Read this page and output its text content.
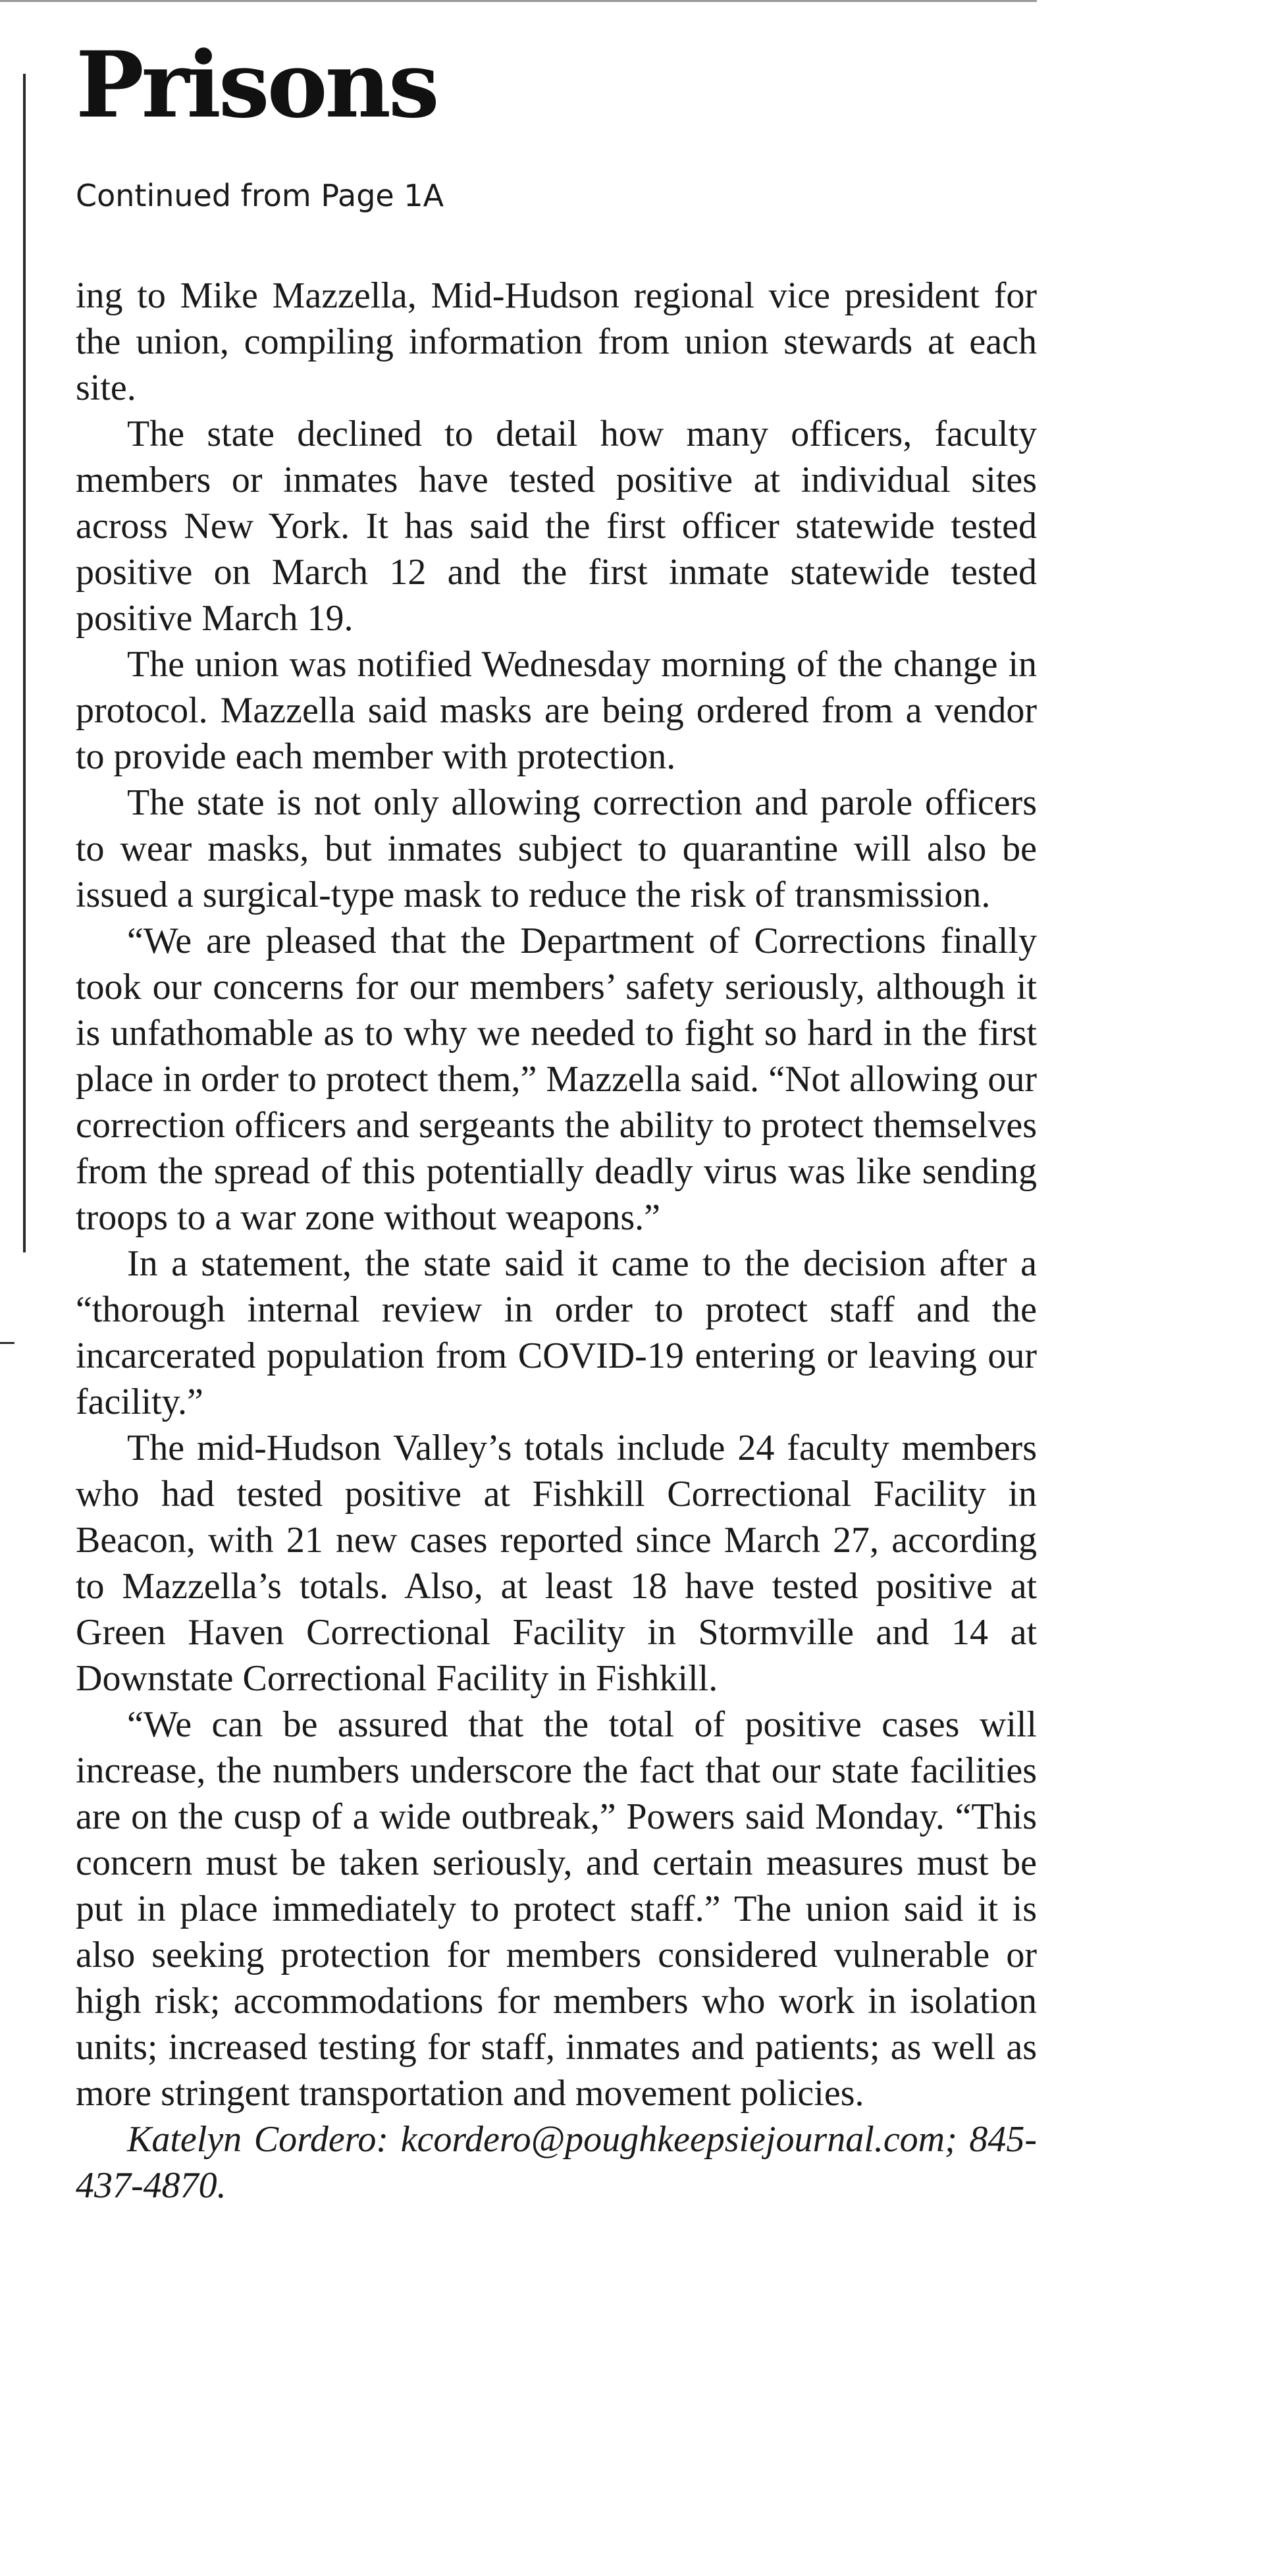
Prisons
Continued from Page 1A

ing to Mike Mazzella, Mid-Hudson regional vice president for the union, compiling information from union stewards at each site.

The state declined to detail how many officers, faculty members or inmates have tested positive at individual sites across New York. It has said the first officer statewide tested positive on March 12 and the first inmate statewide tested positive March 19.

The union was notified Wednesday morning of the change in protocol. Mazzella said masks are being ordered from a vendor to provide each member with protection.

The state is not only allowing correction and parole officers to wear masks, but inmates subject to quarantine will also be issued a surgical-type mask to reduce the risk of transmission.

“We are pleased that the Department of Corrections finally took our concerns for our members’ safety seriously, although it is unfathomable as to why we needed to fight so hard in the first place in order to protect them,” Mazzella said. “Not allowing our correction officers and sergeants the ability to protect themselves from the spread of this potentially deadly virus was like sending troops to a war zone without weapons.”

In a statement, the state said it came to the decision after a “thorough internal review in order to protect staff and the incarcerated population from COVID-19 entering or leaving our facility.”

The mid-Hudson Valley’s totals include 24 faculty members who had tested positive at Fishkill Correctional Facility in Beacon, with 21 new cases reported since March 27, according to Mazzella’s totals. Also, at least 18 have tested positive at Green Haven Correctional Facility in Stormville and 14 at Downstate Correctional Facility in Fishkill.

“We can be assured that the total of positive cases will increase, the numbers underscore the fact that our state facilities are on the cusp of a wide outbreak,” Powers said Monday. “This concern must be taken seriously, and certain measures must be put in place immediately to protect staff.” The union said it is also seeking protection for members considered vulnerable or high risk; accommodations for members who work in isolation units; increased testing for staff, inmates and patients; as well as more stringent transportation and movement policies.

Katelyn Cordero: kcordero@poughkeepsiejournal.com; 845-437-4870.
